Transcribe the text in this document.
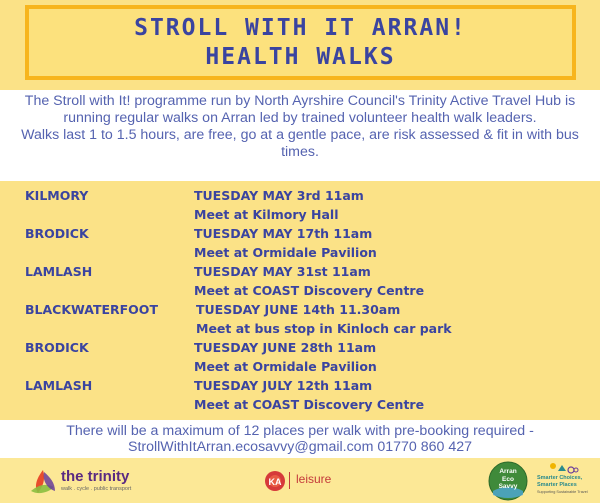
STROLL WITH IT ARRAN!
HEALTH WALKS

The Stroll with It! programme run by North Ayrshire Council's Trinity Active Travel Hub is running regular walks on Arran led by trained volunteer health walk leaders.

Walks last 1 to 1.5 hours, are free, go at a gentle pace, are risk assessed & fit in with bus times.

KILMORY	TUESDAY MAY 3rd 11am
Meet at Kilmory Hall
BRODICK	TUESDAY MAY 17th 11am
Meet at Ormidale Pavilion
LAMLASH	TUESDAY MAY 31st 11am
Meet at COAST Discovery Centre
BLACKWATERFOOT	TUESDAY JUNE 14th 11.30am
Meet at bus stop in Kinloch car park
BRODICK	TUESDAY JUNE 28th 11am
Meet at Ormidale Pavilion
LAMLASH	TUESDAY JULY 12th 11am
Meet at COAST Discovery Centre

There will be a maximum of 12 places per walk with pre-booking required -

StrollWithItArran.ecosavvy@gmail.com 01770 860 427
the trinity
walk . cycle . public transport
KA leisure
Arran
Eco
Savvy
Smarter Choices,
Smarter Places
Supporting Sustainable Travel
